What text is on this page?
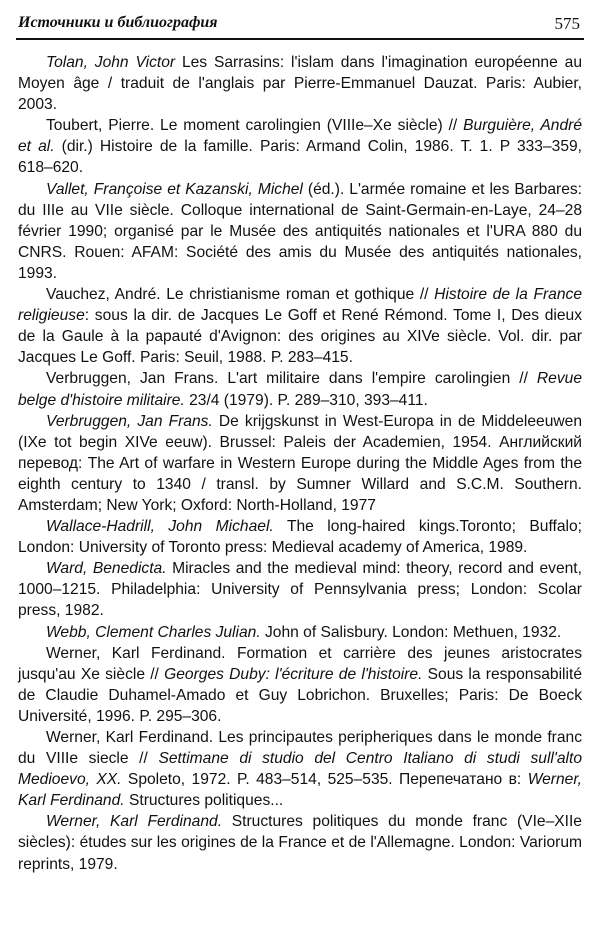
Источники и библиография	575

Tolan, John Victor Les Sarrasins: l'islam dans l'imagination européenne au Moyen âge / traduit de l'anglais par Pierre-Emmanuel Dauzat. Paris: Aubier, 2003.

Toubert, Pierre. Le moment carolingien (VIIIe–Xe siècle) // Burguière, André et al. (dir.) Histoire de la famille. Paris: Armand Colin, 1986. T. 1. P 333–359, 618–620.

Vallet, Françoise et Kazanski, Michel (éd.). L'armée romaine et les Barbares: du IIIe au VIIe siècle. Colloque international de Saint-Germain-en-Laye, 24–28 février 1990; organisé par le Musée des antiquités nationales et l'URA 880 du CNRS. Rouen: AFAM: Société des amis du Musée des antiquités nationales, 1993.

Vauchez, André. Le christianisme roman et gothique // Histoire de la France religieuse: sous la dir. de Jacques Le Goff et René Rémond. Tome I, Des dieux de la Gaule à la papauté d'Avignon: des origines au XIVe siècle. Vol. dir. par Jacques Le Goff. Paris: Seuil, 1988. P. 283–415.

Verbruggen, Jan Frans. L'art militaire dans l'empire carolingien // Revue belge d'histoire militaire. 23/4 (1979). P. 289–310, 393–411.

Verbruggen, Jan Frans. De krijgskunst in West-Europa in de Middeleeuwen (IXe tot begin XIVe eeuw). Brussel: Paleis der Academien, 1954. Английский перевод: The Art of warfare in Western Europe during the Middle Ages from the eighth century to 1340 / transl. by Sumner Willard and S.C.M. Southern. Amsterdam; New York; Oxford: North-Holland, 1977

Wallace-Hadrill, John Michael. The long-haired kings.Toronto; Buffalo; London: University of Toronto press: Medieval academy of America, 1989.

Ward, Benedicta. Miracles and the medieval mind: theory, record and event, 1000–1215. Philadelphia: University of Pennsylvania press; London: Scolar press, 1982.

Webb, Clement Charles Julian. John of Salisbury. London: Methuen, 1932.

Werner, Karl Ferdinand. Formation et carrière des jeunes aristocrates jusqu'au Xe siècle // Georges Duby: l'écriture de l'histoire. Sous la responsabilité de Claudie Duhamel-Amado et Guy Lobrichon. Bruxelles; Paris: De Boeck Université, 1996. P. 295–306.

Werner, Karl Ferdinand. Les principautes peripheriques dans le monde franc du VIIIe siecle // Settimane di studio del Centro Italiano di studi sull'alto Medioevo, XX. Spoleto, 1972. P. 483–514, 525–535. Перепечатано в: Werner, Karl Ferdinand. Structures politiques...

Werner, Karl Ferdinand. Structures politiques du monde franc (VIe–XIIe siècles): études sur les origines de la France et de l'Allemagne. London: Variorum reprints, 1979.
